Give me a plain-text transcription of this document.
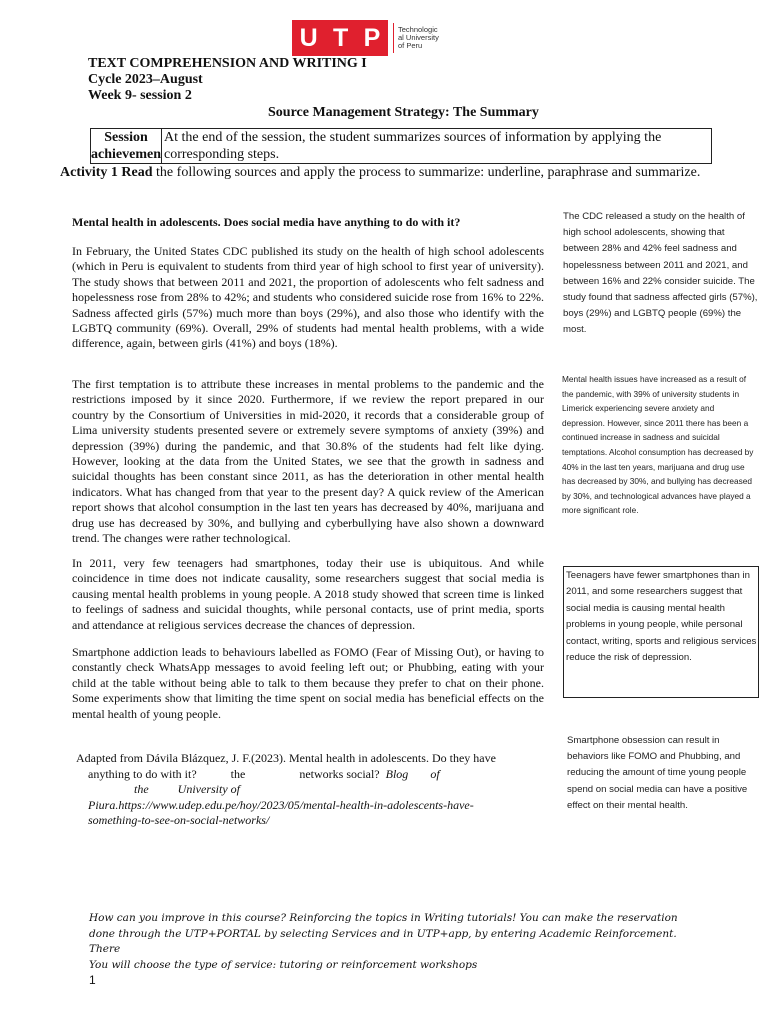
U T P Technologic
al University
of Peru
TEXT COMPREHENSION AND WRITING I
Cycle 2023–August
Week 9- session 2
Source Management Strategy: The Summary
Session
achievemen
At the end of the session, the student summarizes sources of information by applying the
corresponding steps.
Activity 1 Read the following sources and apply the process to summarize: underline, paraphrase and summarize.
Mental health in adolescents. Does social media have anything to do with it?
In February, the United States CDC published its study on the health of high school adolescents (which in Peru is equivalent to students from third year of high school to first year of university). The study shows that between 2011 and 2021, the proportion of adolescents who felt sadness and hopelessness rose from 28% to 42%; and students who considered suicide rose from 16% to 22%. Sadness affected girls (57%) much more than boys (29%), and also those who identify with the LGBTQ community (69%). Overall, 29% of students had mental health problems, with a wide difference, again, between girls (41%) and boys (18%).
The first temptation is to attribute these increases in mental problems to the pandemic and the restrictions imposed by it since 2020. Furthermore, if we review the report prepared in our country by the Consortium of Universities in mid-2020, it records that a considerable group of Lima university students presented severe or extremely severe symptoms of anxiety (39%) and depression (39%) during the pandemic, and that 30.8% of the students had felt like dying. However, looking at the data from the United States, we see that the growth in sadness and suicidal thoughts has been constant since 2011, as has the deterioration in other mental health indicators. What has changed from that year to the present day? A quick review of the American report shows that alcohol consumption in the last ten years has decreased by 40%, marijuana and drug use has decreased by 30%, and bullying and cyberbullying have also shown a downward trend. The changes were rather technological.
In 2011, very few teenagers had smartphones, today their use is ubiquitous. And while coincidence in time does not indicate causality, some researchers suggest that social media is causing mental health problems in young people. A 2018 study showed that screen time is linked to feelings of sadness and suicidal thoughts, while personal contacts, use of print media, sports and attendance at religious services decrease the chances of depression.
Smartphone addiction leads to behaviours labelled as FOMO (Fear of Missing Out), or having to constantly check WhatsApp messages to avoid feeling left out; or Phubbing, eating with your child at the table without being able to talk to them because they prefer to chat on their phone. Some experiments show that limiting the time spent on social media has beneficial effects on the mental health of young people.
The CDC released a study on the health of high school adolescents, showing that between 28% and 42% feel sadness and hopelessness between 2011 and 2021, and between 16% and 22% consider suicide. The study found that sadness affected girls (57%), boys (29%) and LGBTQ people (69%) the most.
Mental health issues have increased as a result of the pandemic, with 39% of university students in Limerick experiencing severe anxiety and depression. However, since 2011 there has been a continued increase in sadness and suicidal temptations. Alcohol consumption has decreased by 40% in the last ten years, marijuana and drug use has decreased by 30%, and bullying has decreased by 30%, and technological advances have played a more significant role.
Teenagers have fewer smartphones than in 2011, and some researchers suggest that social media is causing mental health problems in young people, while personal contact, writing, sports and religious services reduce the risk of depression.
Smartphone obsession can result in behaviors like FOMO and Phubbing, and reducing the amount of time young people spend on social media can have a positive effect on their mental health.
Adapted from Dávila Blázquez, J. F.(2023). Mental health in adolescents. Do they have
anything to do with it?	the	networks social? Blog of
the University of
Piura.https://www.udep.edu.pe/hoy/2023/05/mental-health-in-adolescents-have-
something-to-see-on-social-networks/
How can you improve in this course? Reinforcing the topics in Writing tutorials! You can make the reservation
done through the UTP+PORTAL by selecting Services and in UTP+app, by entering Academic Reinforcement.
There
You will choose the type of service: tutoring or reinforcement workshops
1
